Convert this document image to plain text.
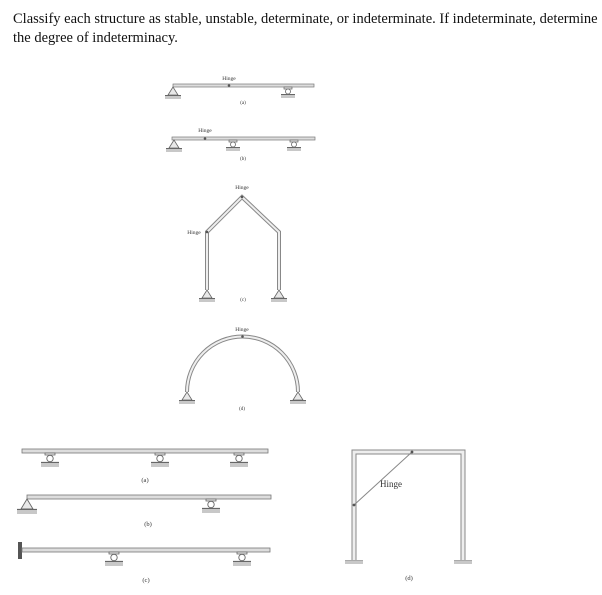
Classify each structure as stable, unstable, determinate, or indeterminate. If indeterminate, determine the degree of indeterminacy.

Hinge
(a)
Hinge
(b)
Hinge
Hinge
(c)
Hinge
(d)
(a)
(b)
(c)
Hinge
(d)
